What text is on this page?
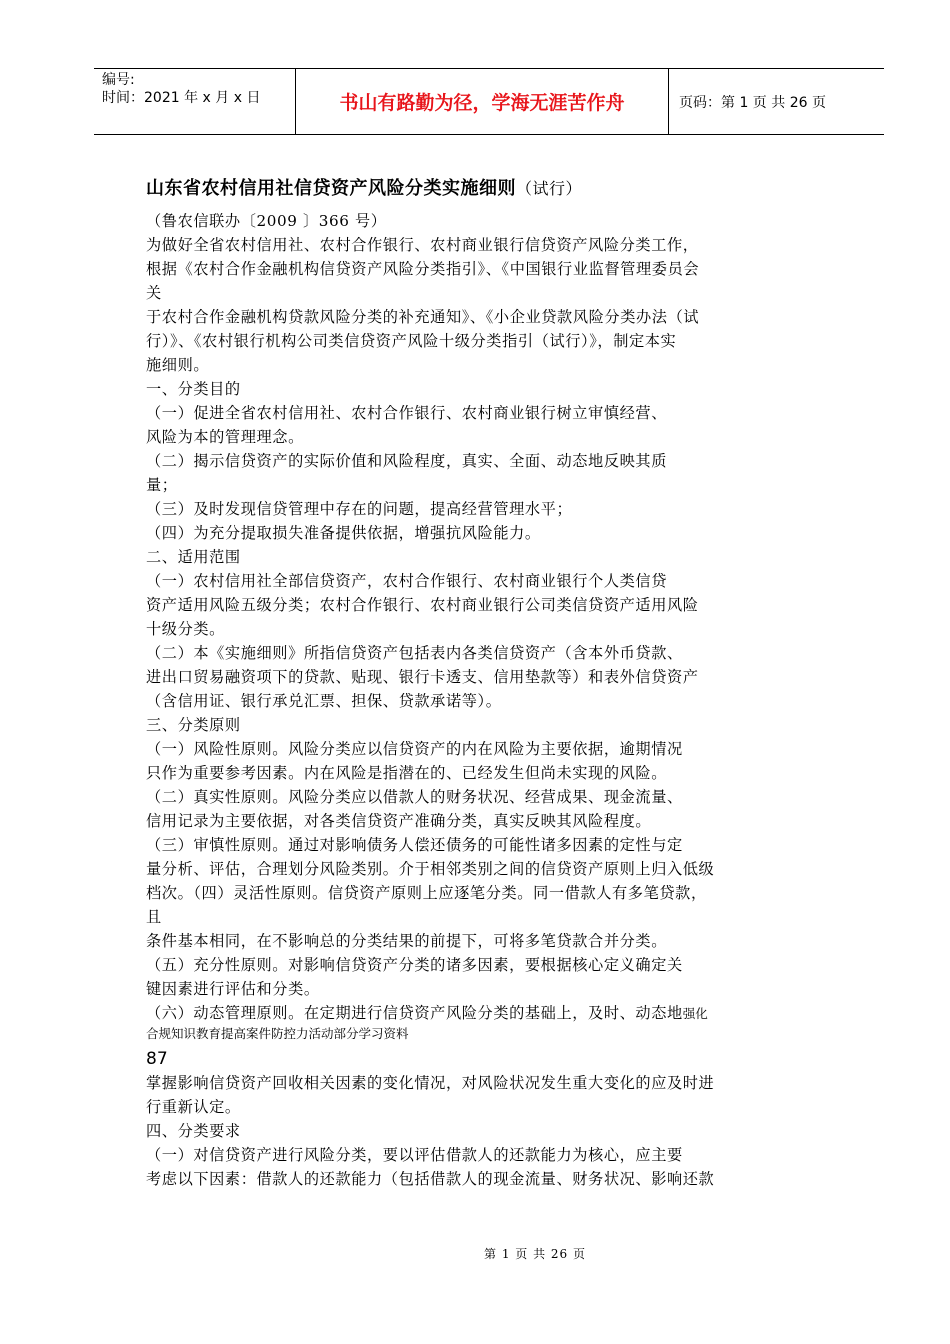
编号:
时间：2021 年 x 月 x 日	书山有路勤为径，学海无涯苦作舟	页码：第 1 页 共 26 页
山东省农村信用社信贷资产风险分类实施细则（试行）
（鲁农信联办〔2009 〕366 号）
为做好全省农村信用社、农村合作银行、农村商业银行信贷资产风险分类工作，
根据《农村合作金融机构信贷资产风险分类指引》、《中国银行业监督管理委员会
关
于农村合作金融机构贷款风险分类的补充通知》、《小企业贷款风险分类办法（试
行）》、《农村银行机构公司类信贷资产风险十级分类指引（试行）》，制定本实
施细则。
一、分类目的
（一）促进全省农村信用社、农村合作银行、农村商业银行树立审慎经营、
风险为本的管理理念。
（二）揭示信贷资产的实际价值和风险程度，真实、全面、动态地反映其质
量；
（三）及时发现信贷管理中存在的问题，提高经营管理水平；
（四）为充分提取损失准备提供依据，增强抗风险能力。
二、适用范围
（一）农村信用社全部信贷资产，农村合作银行、农村商业银行个人类信贷
资产适用风险五级分类；农村合作银行、农村商业银行公司类信贷资产适用风险
十级分类。
（二）本《实施细则》所指信贷资产包括表内各类信贷资产（含本外币贷款、
进出口贸易融资项下的贷款、贴现、银行卡透支、信用垫款等）和表外信贷资产
（含信用证、银行承兑汇票、担保、贷款承诺等）。
三、分类原则
（一）风险性原则。风险分类应以信贷资产的内在风险为主要依据，逾期情况
只作为重要参考因素。内在风险是指潜在的、已经发生但尚未实现的风险。
（二）真实性原则。风险分类应以借款人的财务状况、经营成果、现金流量、
信用记录为主要依据，对各类信贷资产准确分类，真实反映其风险程度。
（三）审慎性原则。通过对影响债务人偿还债务的可能性诸多因素的定性与定
量分析、评估，合理划分风险类别。介于相邻类别之间的信贷资产原则上归入低级
档次。（四）灵活性原则。信贷资产原则上应逐笔分类。同一借款人有多笔贷款，
且
条件基本相同，在不影响总的分类结果的前提下，可将多笔贷款合并分类。
（五）充分性原则。对影响信贷资产分类的诸多因素，要根据核心定义确定关
键因素进行评估和分类。
（六）动态管理原则。在定期进行信贷资产风险分类的基础上，及时、动态地强化
合规知识教育提高案件防控力活动部分学习资料
87
掌握影响信贷资产回收相关因素的变化情况，对风险状况发生重大变化的应及时进
行重新认定。
四、分类要求
（一）对信贷资产进行风险分类，要以评估借款人的还款能力为核心，应主要
考虑以下因素：借款人的还款能力（包括借款人的现金流量、财务状况、影响还款
第 1 页 共 26 页
